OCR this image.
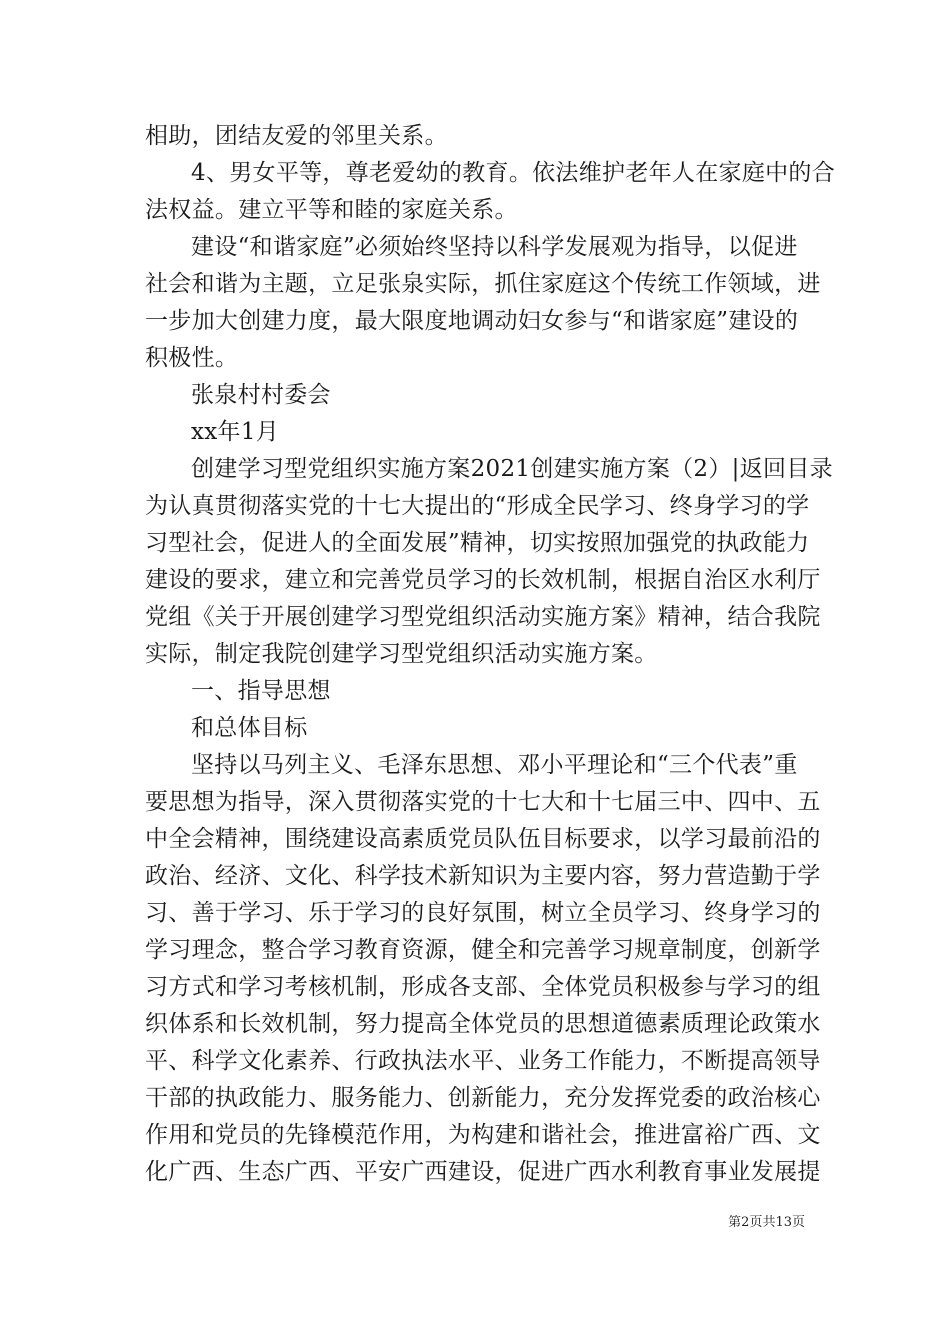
相助，团结友爱的邻里关系。
4、男女平等，尊老爱幼的教育。依法维护老年人在家庭中的合
法权益。建立平等和睦的家庭关系。
建设“和谐家庭”必须始终坚持以科学发展观为指导，以促进
社会和谐为主题，立足张泉实际，抓住家庭这个传统工作领域，进
一步加大创建力度，最大限度地调动妇女参与“和谐家庭”建设的
积极性。
张泉村村委会
xx年1月
创建学习型党组织实施方案2021创建实施方案（2）|返回目录
为认真贯彻落实党的十七大提出的“形成全民学习、终身学习的学
习型社会，促进人的全面发展”精神，切实按照加强党的执政能力
建设的要求，建立和完善党员学习的长效机制，根据自治区水利厅
党组《关于开展创建学习型党组织活动实施方案》精神，结合我院
实际，制定我院创建学习型党组织活动实施方案。
一、指导思想
和总体目标
坚持以马列主义、毛泽东思想、邓小平理论和“三个代表”重
要思想为指导，深入贯彻落实党的十七大和十七届三中、四中、五
中全会精神，围绕建设高素质党员队伍目标要求，以学习最前沿的
政治、经济、文化、科学技术新知识为主要内容，努力营造勤于学
习、善于学习、乐于学习的良好氛围，树立全员学习、终身学习的
学习理念，整合学习教育资源，健全和完善学习规章制度，创新学
习方式和学习考核机制，形成各支部、全体党员积极参与学习的组
织体系和长效机制，努力提高全体党员的思想道德素质理论政策水
平、科学文化素养、行政执法水平、业务工作能力，不断提高领导
干部的执政能力、服务能力、创新能力，充分发挥党委的政治核心
作用和党员的先锋模范作用，为构建和谐社会，推进富裕广西、文
化广西、生态广西、平安广西建设，促进广西水利教育事业发展提
第2页共13页
